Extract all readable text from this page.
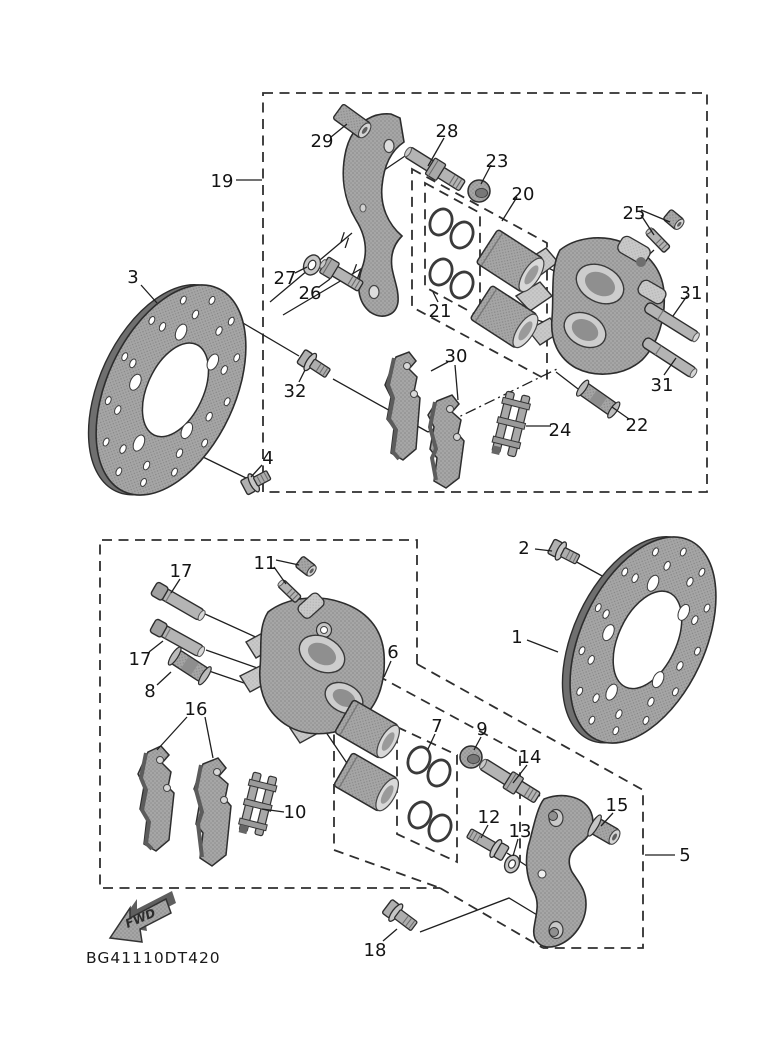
FWD
BG41110DT420
19
29	28
23
20
25
3	27
26	31
21
30
31
32
22
24
4
17	11
2
17
1
8
6
16
7 9
14
10	12
13
15
5
18
